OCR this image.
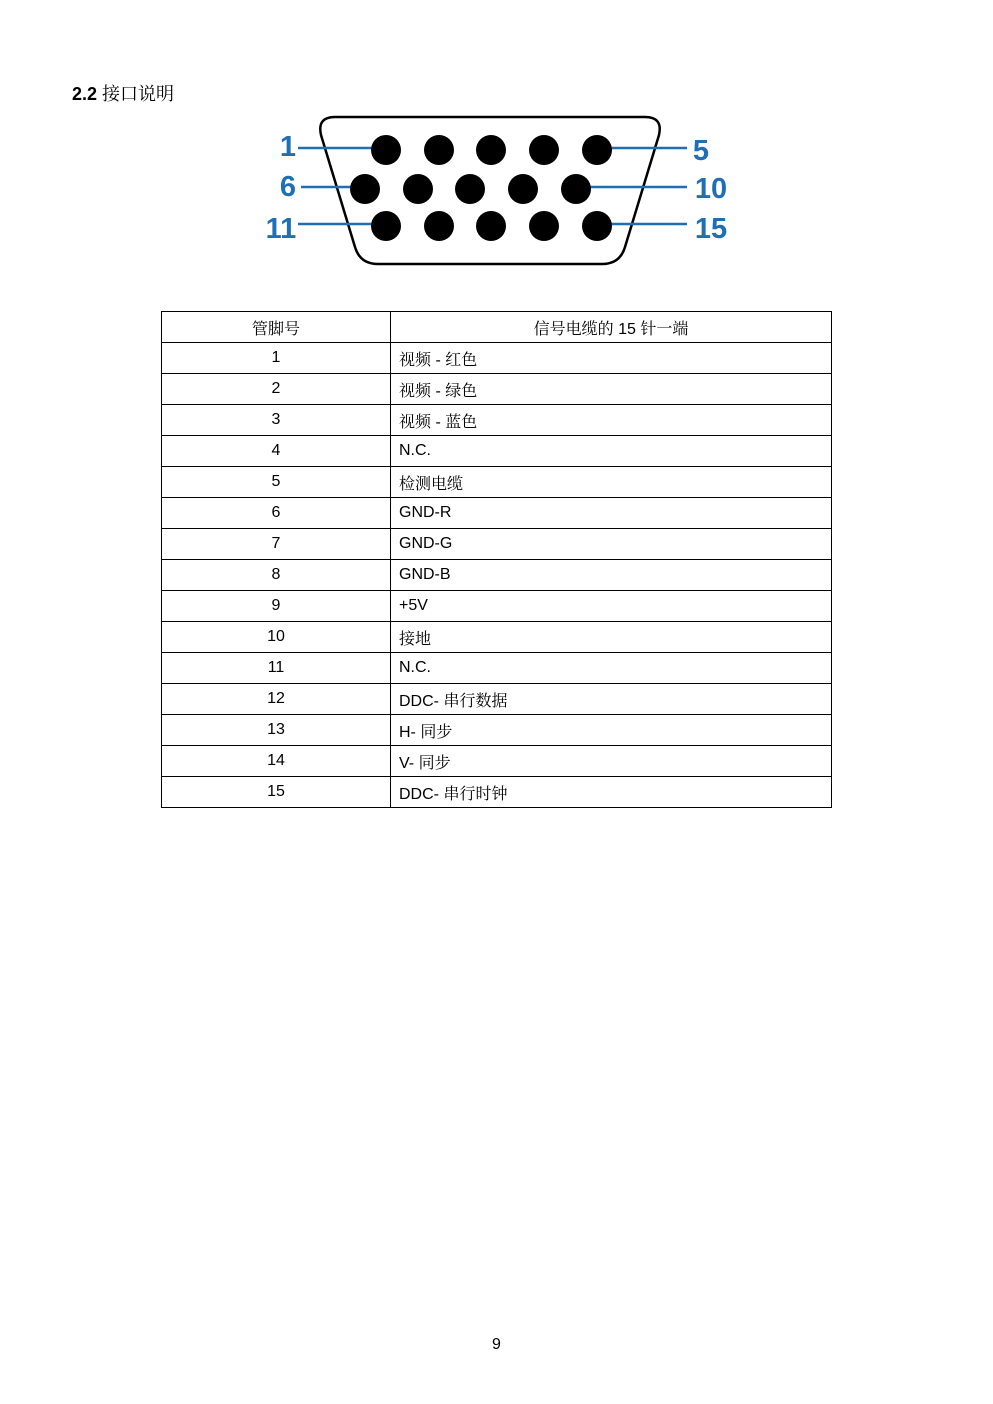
2.2 接口说明
1
6
11
5
10
15
管脚号	信号电缆的 15 针一端
1	视频 - 红色
2	视频 - 绿色
3	视频 - 蓝色
4	N.C.
5	检测电缆
6	GND-R
7	GND-G
8	GND-B
9	+5V
10	接地
11	N.C.
12	DDC- 串行数据
13	H- 同步
14	V- 同步
15	DDC- 串行时钟
9
